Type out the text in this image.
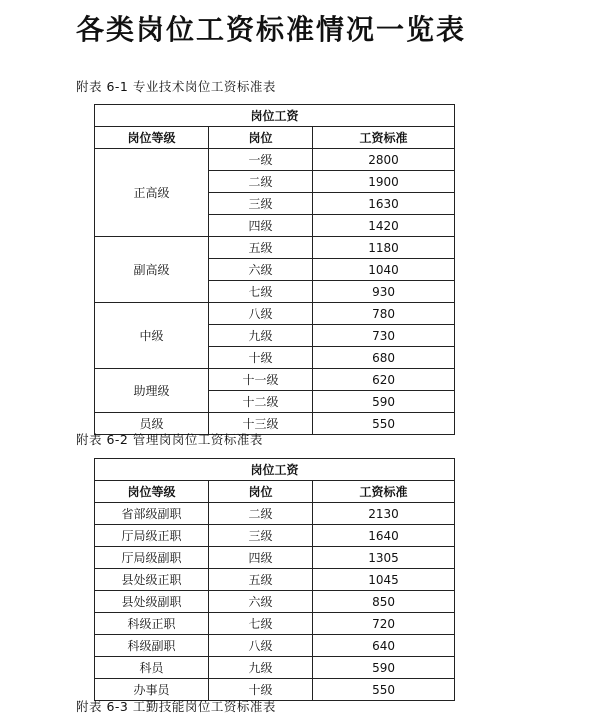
各类岗位工资标准情况一览表
附表 6-1 专业技术岗位工资标准表
岗位工资		
岗位等级	岗位	工资标准
正高级	一级	2800
	二级	1900
	三级	1630
	四级	1420
副高级	五级	1180
	六级	1040
	七级	930
中级	八级	780
	九级	730
	十级	680
助理级	十一级	620
	十二级	590
员级	十三级	550
附表 6-2 管理岗岗位工资标准表
岗位工资		
岗位等级	岗位	工资标准
省部级副职	二级	2130
厅局级正职	三级	1640
厅局级副职	四级	1305
县处级正职	五级	1045
县处级副职	六级	850
科级正职	七级	720
科级副职	八级	640
科员	九级	590
办事员	十级	550
附表 6-3 工勤技能岗位工资标准表
